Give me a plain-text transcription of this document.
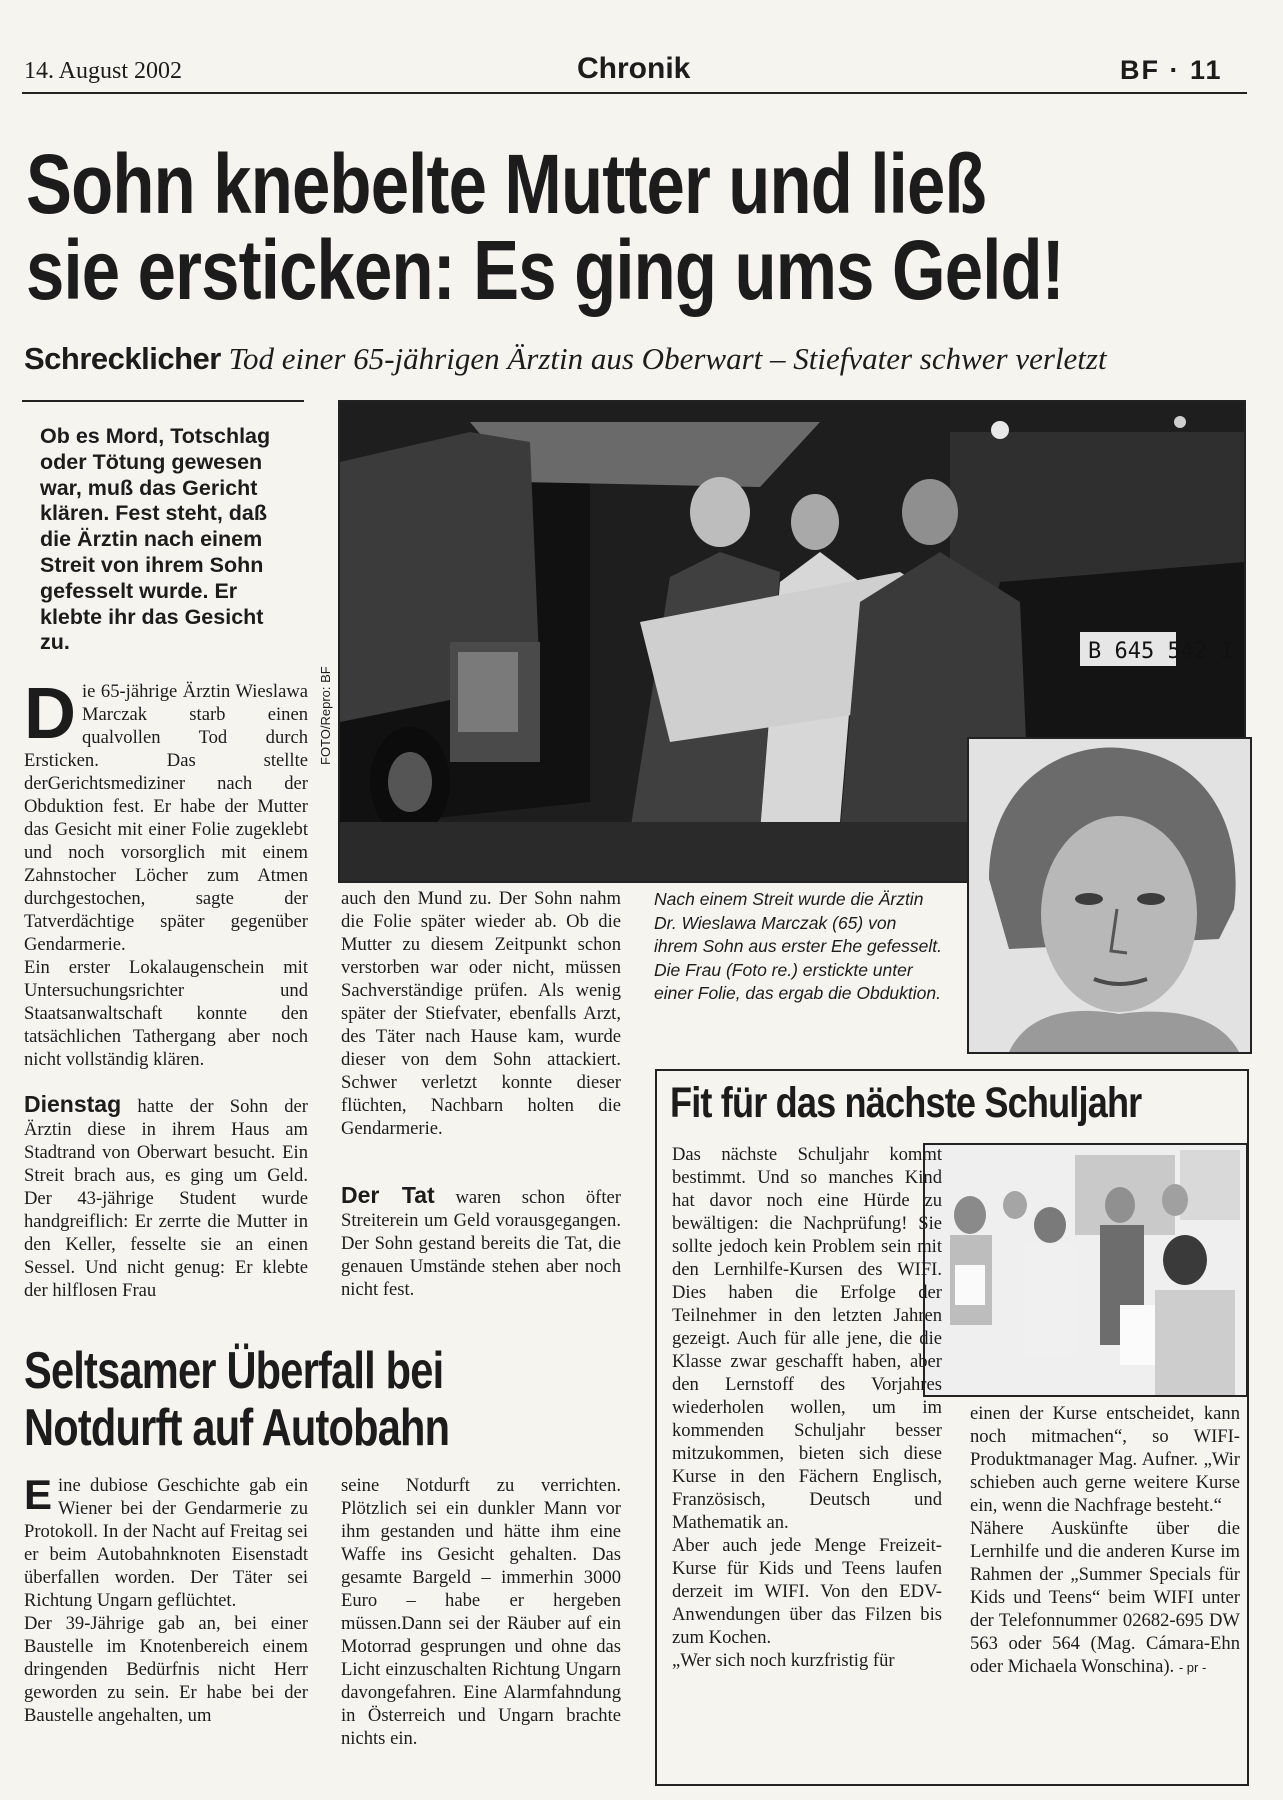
14. August 2002	Chronik	BF · 11
Sohn knebelte Mutter und ließ
sie ersticken: Es ging ums Geld!
Schrecklicher Tod einer 65-jährigen Ärztin aus Oberwart – Stiefvater schwer verletzt
Ob es Mord, Totschlag oder Tötung gewesen war, muß das Gericht klären. Fest steht, daß die Ärztin nach einem Streit von ihrem Sohn gefesselt wurde. Er klebte ihr das Gesicht zu.	B 645 542 I
FOTO/Repro: BF
Nach einem Streit wurde die Ärztin Dr. Wieslawa Marczak (65) von ihrem Sohn aus erster Ehe gefesselt. Die Frau (Foto re.) erstickte unter einer Folie, das ergab die Obduktion.

Die 65-jährige Ärztin Wieslawa Marczak starb einen qualvollen Tod durch Ersticken. Das stellte derGerichtsmediziner nach der Obduktion fest. Er habe der Mutter das Gesicht mit einer Folie zugeklebt und noch vorsorglich mit einem Zahnstocher Löcher zum Atmen durchgestochen, sagte der Tatverdächtige später gegenüber Gendarmerie.

Ein erster Lokalaugenschein mit Untersuchungsrichter und Staatsanwaltschaft konnte den tatsächlichen Tathergang aber noch nicht vollständig klären.

Dienstag hatte der Sohn der Ärztin diese in ihrem Haus am Stadtrand von Oberwart besucht. Ein Streit brach aus, es ging um Geld. Der 43-jährige Student wurde handgreiflich: Er zerrte die Mutter in den Keller, fesselte sie an einen Sessel. Und nicht genug: Er klebte der hilflosen Frau

auch den Mund zu. Der Sohn nahm die Folie später wieder ab. Ob die Mutter zu diesem Zeitpunkt schon verstorben war oder nicht, müssen Sachverständige prüfen. Als wenig später der Stiefvater, ebenfalls Arzt, des Täter nach Hause kam, wurde dieser von dem Sohn attackiert. Schwer verletzt konnte dieser flüchten, Nachbarn holten die Gendarmerie.

Der Tat waren schon öfter Streiterein um Geld vorausgegangen. Der Sohn gestand bereits die Tat, die genauen Umstände stehen aber noch nicht fest.

Seltsamer Überfall bei
Notdurft auf Autobahn

Eine dubiose Geschichte gab ein Wiener bei der Gendarmerie zu Protokoll. In der Nacht auf Freitag sei er beim Autobahnknoten Eisenstadt überfallen worden. Der Täter sei Richtung Ungarn geflüchtet.

Der 39-Jährige gab an, bei einer Baustelle im Knotenbereich einem dringenden Bedürfnis nicht Herr geworden zu sein. Er habe bei der Baustelle angehalten, um

seine Notdurft zu verrichten. Plötzlich sei ein dunkler Mann vor ihm gestanden und hätte ihm eine Waffe ins Gesicht gehalten. Das gesamte Bargeld – immerhin 3000 Euro – habe er hergeben müssen.Dann sei der Räuber auf ein Motorrad gesprungen und ohne das Licht einzuschalten Richtung Ungarn davongefahren. Eine Alarmfahndung in Österreich und Ungarn brachte nichts ein.

Fit für das nächste Schuljahr

Das nächste Schuljahr kommt bestimmt. Und so manches Kind hat davor noch eine Hürde zu bewältigen: die Nachprüfung! Sie sollte jedoch kein Problem sein mit den Lernhilfe-Kursen des WIFI. Dies haben die Erfolge der Teilnehmer in den letzten Jahren gezeigt. Auch für alle jene, die die Klasse zwar geschafft haben, aber den Lernstoff des Vorjahres wiederholen wollen, um im kommenden Schuljahr besser mitzukommen, bieten sich diese Kurse in den Fächern Englisch, Französisch, Deutsch und Mathematik an.

Aber auch jede Menge Freizeit-Kurse für Kids und Teens laufen derzeit im WIFI. Von den EDV-Anwendungen über das Filzen bis zum Kochen.

„Wer sich noch kurzfristig für

einen der Kurse entscheidet, kann noch mitmachen“, so WIFI-Produktmanager Mag. Aufner. „Wir schieben auch gerne weitere Kurse ein, wenn die Nachfrage besteht.“

Nähere Auskünfte über die Lernhilfe und die anderen Kurse im Rahmen der „Summer Specials für Kids und Teens“ beim WIFI unter der Telefonnummer 02682-695 DW 563 oder 564 (Mag. Cámara-Ehn oder Michaela Wonschina). - pr -
